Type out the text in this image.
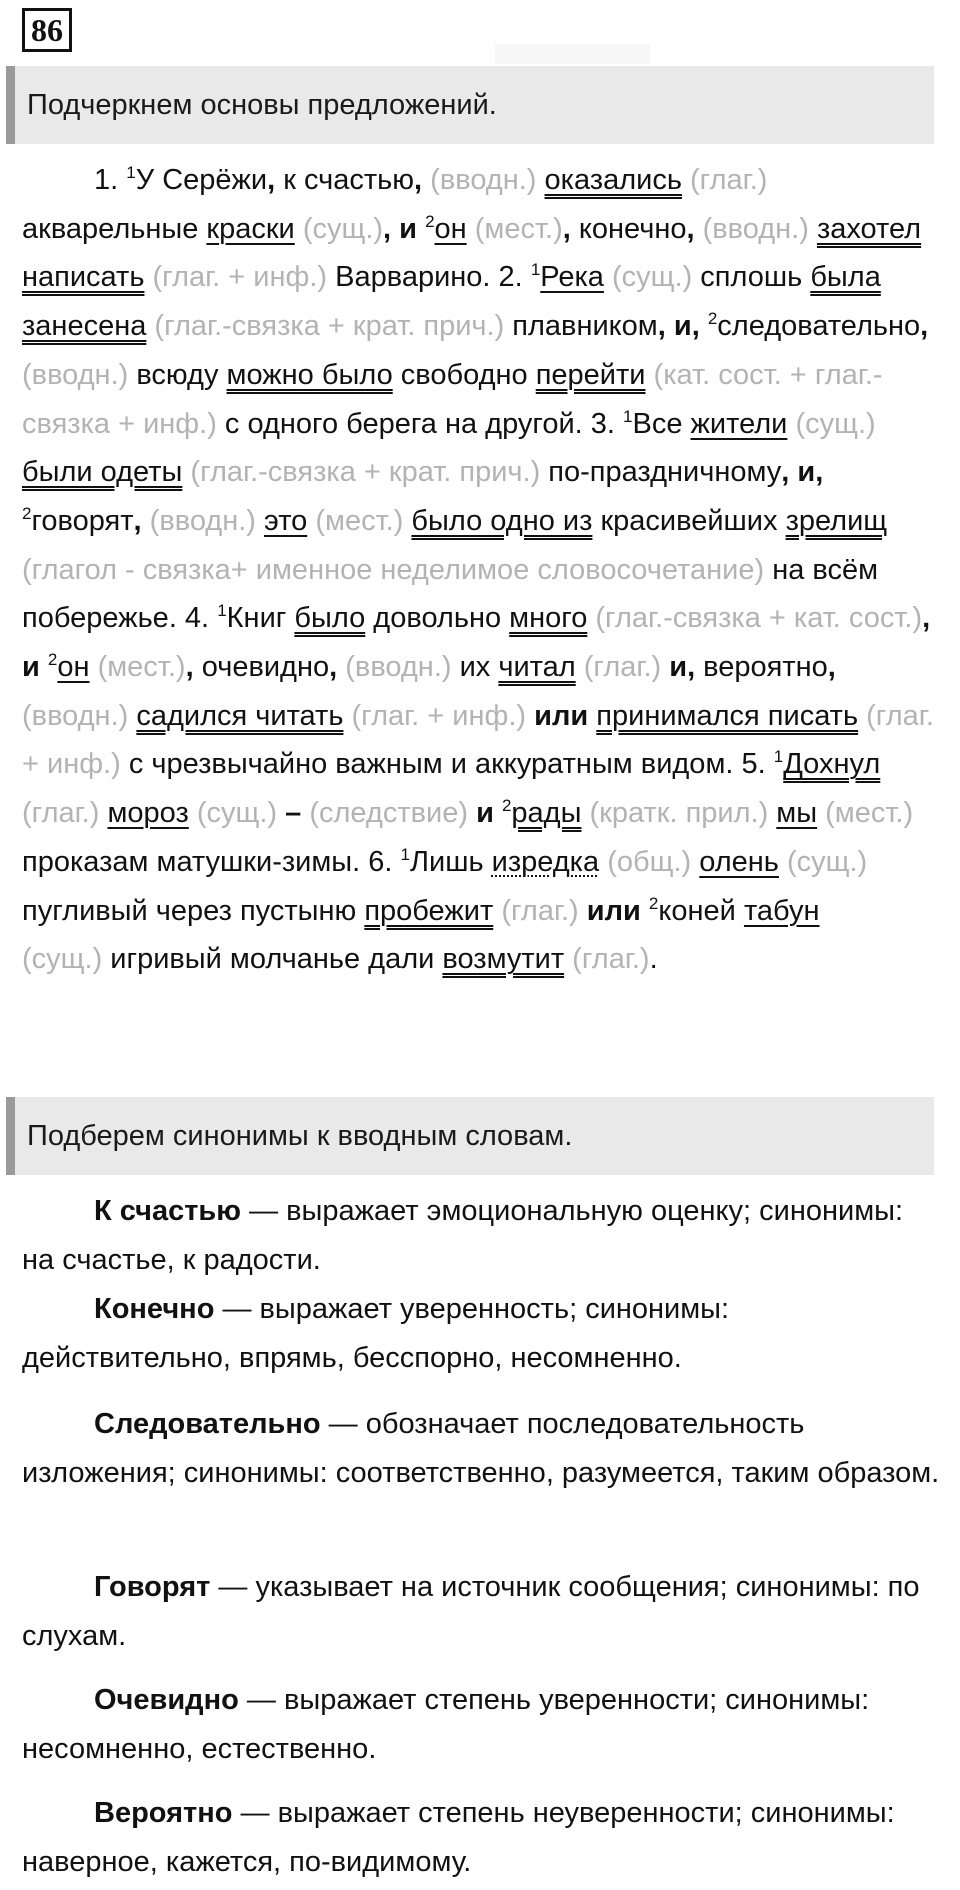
86
Подчеркнем основы предложений.

1. $^1$У Серёжи, к счастью, (вводн.) оказались (глаг.) акварельные краски (сущ.), и $^2$он (мест.), конечно, (вводн.) захотел написать (глаг. + инф.) Варварино. 2. $^1$Река (сущ.) сплошь была занесена (глаг.-связка + крат. прич.) плавником, и, $^2$следовательно, (вводн.) всюду можно было свободно перейти (кат. сост. + глаг.-связка + инф.) с одного берега на другой. 3. $^1$Все жители (сущ.) были одеты (глаг.-связка + крат. прич.) по-праздничному, и, $^2$говорят, (вводн.) это (мест.) было одно из красивейших зрелищ (глагол - связка+ именное неделимое словосочетание) на всём побережье. 4. $^1$Книг было довольно много (глаг.-связка + кат. сост.), и $^2$он (мест.), очевидно, (вводн.) их читал (глаг.) и, вероятно, (вводн.) садился читать (глаг. + инф.) или принимался писать (глаг. + инф.) с чрезвычайно важным и аккуратным видом. 5. $^1$Дохнул (глаг.) мороз (сущ.) – (следствие) и $^2$рады (кратк. прил.) мы (мест.) проказам матушки-зимы. 6. $^1$Лишь изредка (общ.) олень (сущ.) пугливый через пустыню пробежит (глаг.) или $^2$коней табун
(сущ.) игривый молчанье дали возмутит (глаг.).

Подберем синонимы к вводным словам.

К счастью — выражает эмоциональную оценку; синонимы: на счастье, к радости.

Конечно — выражает уверенность; синонимы: действительно, впрямь, бесспорно, несомненно.

Следовательно — обозначает последовательность изложения; синонимы: соответственно, разумеется, таким образом.

Говорят — указывает на источник сообщения; синонимы: по слухам.

Очевидно — выражает степень уверенности; синонимы: несомненно, естественно.

Вероятно — выражает степень неуверенности; синонимы: наверное, кажется, по-видимому.
